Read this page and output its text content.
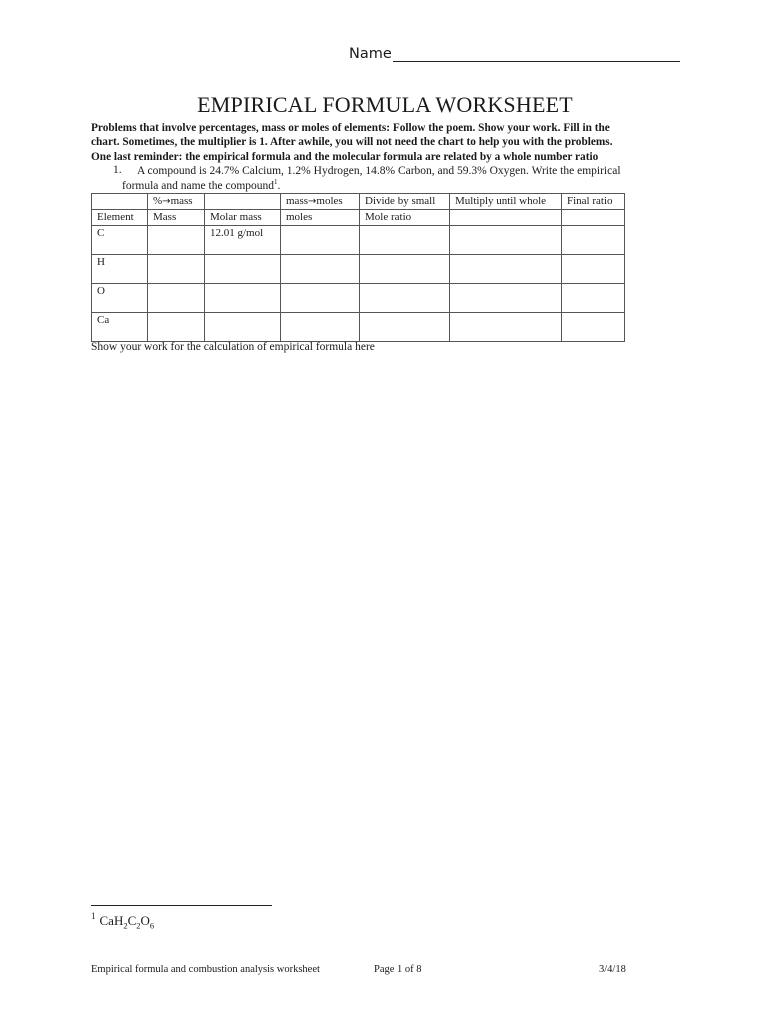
Name
EMPIRICAL FORMULA WORKSHEET

Problems that involve percentages, mass or moles of elements: Follow the poem. Show your work. Fill in the

chart. Sometimes, the multiplier is 1. After awhile, you will not need the chart to help you with the problems.

One last reminder: the empirical formula and the molecular formula are related by a whole number ratio

1.	A compound is 24.7% Calcium, 1.2% Hydrogen, 14.8% Carbon, and 59.3% Oxygen. Write the empirical
formula and name the compound$^1$.
	%→mass		mass→moles	Divide by small	Multiply until whole	Final ratio
Element	Mass	Molar mass	moles	Mole ratio		
C		12.01 g/mol				
H						
O						
Ca						
Show your work for the calculation of empirical formula here
$^1$ $CaH_2C_2O_6$
Empirical formula and combustion analysis worksheet	Page 1 of 8	3/4/18
